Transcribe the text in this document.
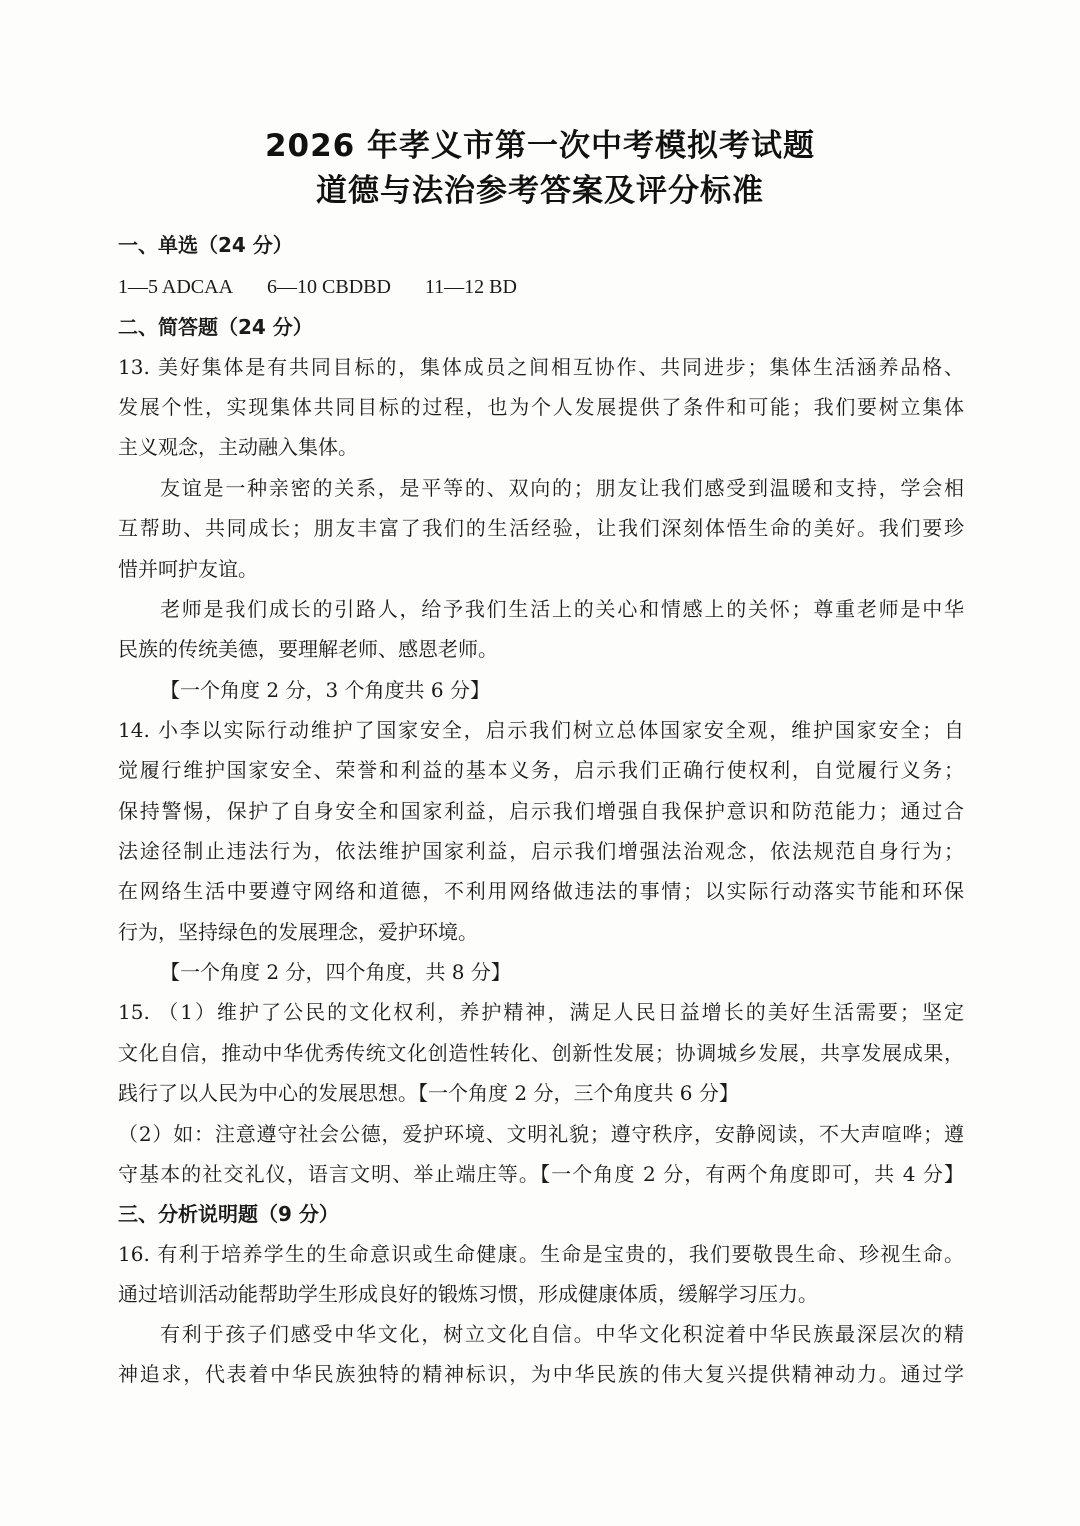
2026 年孝义市第一次中考模拟考试题
道德与法治参考答案及评分标准
一、单选（24 分）
1—5 ADCAA 6—10 CBDBD 11—12 BD
二、简答题（24 分）
13. 美好集体是有共同目标的，集体成员之间相互协作、共同进步；集体生活涵养品格、
发展个性，实现集体共同目标的过程，也为个人发展提供了条件和可能；我们要树立集体
主义观念，主动融入集体。
友谊是一种亲密的关系，是平等的、双向的；朋友让我们感受到温暖和支持，学会相
互帮助、共同成长；朋友丰富了我们的生活经验，让我们深刻体悟生命的美好。我们要珍
惜并呵护友谊。
老师是我们成长的引路人，给予我们生活上的关心和情感上的关怀；尊重老师是中华
民族的传统美德，要理解老师、感恩老师。
【一个角度 2 分，3 个角度共 6 分】
14. 小李以实际行动维护了国家安全，启示我们树立总体国家安全观，维护国家安全；自
觉履行维护国家安全、荣誉和利益的基本义务，启示我们正确行使权利，自觉履行义务；
保持警惕，保护了自身安全和国家利益，启示我们增强自我保护意识和防范能力；通过合
法途径制止违法行为，依法维护国家利益，启示我们增强法治观念，依法规范自身行为；
在网络生活中要遵守网络和道德，不利用网络做违法的事情；以实际行动落实节能和环保
行为，坚持绿色的发展理念，爱护环境。
【一个角度 2 分，四个角度，共 8 分】
15. （1）维护了公民的文化权利，养护精神，满足人民日益增长的美好生活需要；坚定
文化自信，推动中华优秀传统文化创造性转化、创新性发展；协调城乡发展，共享发展成果，
践行了以人民为中心的发展思想。【一个角度 2 分，三个角度共 6 分】
（2）如：注意遵守社会公德，爱护环境、文明礼貌；遵守秩序，安静阅读，不大声喧哗；遵
守基本的社交礼仪，语言文明、举止端庄等。【一个角度 2 分，有两个角度即可，共 4 分】
三、分析说明题（9 分）
16. 有利于培养学生的生命意识或生命健康。生命是宝贵的，我们要敬畏生命、珍视生命。
通过培训活动能帮助学生形成良好的锻炼习惯，形成健康体质，缓解学习压力。
有利于孩子们感受中华文化，树立文化自信。中华文化积淀着中华民族最深层次的精
神追求，代表着中华民族独特的精神标识，为中华民族的伟大复兴提供精神动力。通过学
